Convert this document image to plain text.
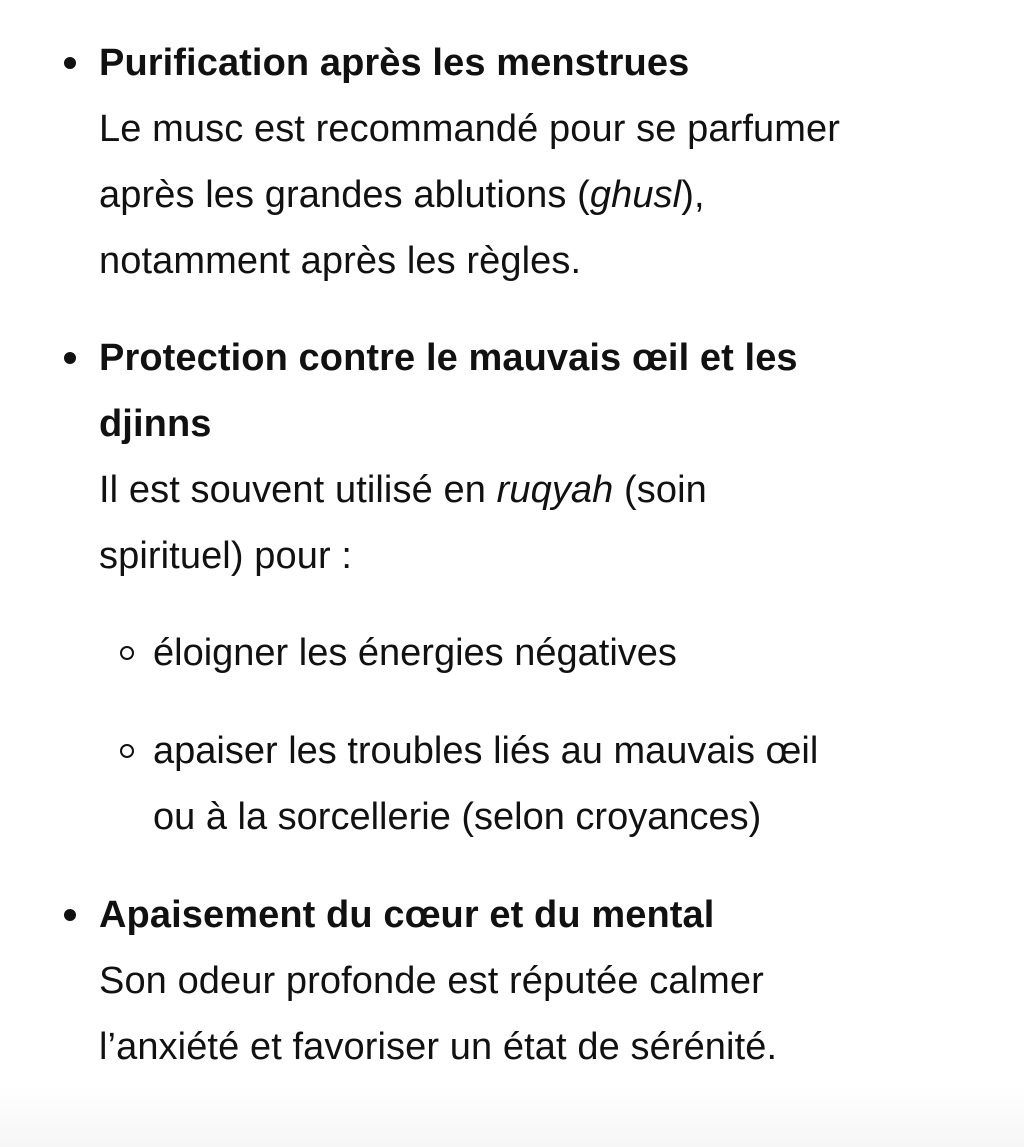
Purification après les menstrues
Le musc est recommandé pour se parfumer
après les grandes ablutions (ghusl),
notamment après les règles.
Protection contre le mauvais œil et les
djinns
Il est souvent utilisé en ruqyah (soin
spirituel) pour :
éloigner les énergies négatives
apaiser les troubles liés au mauvais œil
ou à la sorcellerie (selon croyances)
Apaisement du cœur et du mental
Son odeur profonde est réputée calmer
l’anxiété et favoriser un état de sérénité.
